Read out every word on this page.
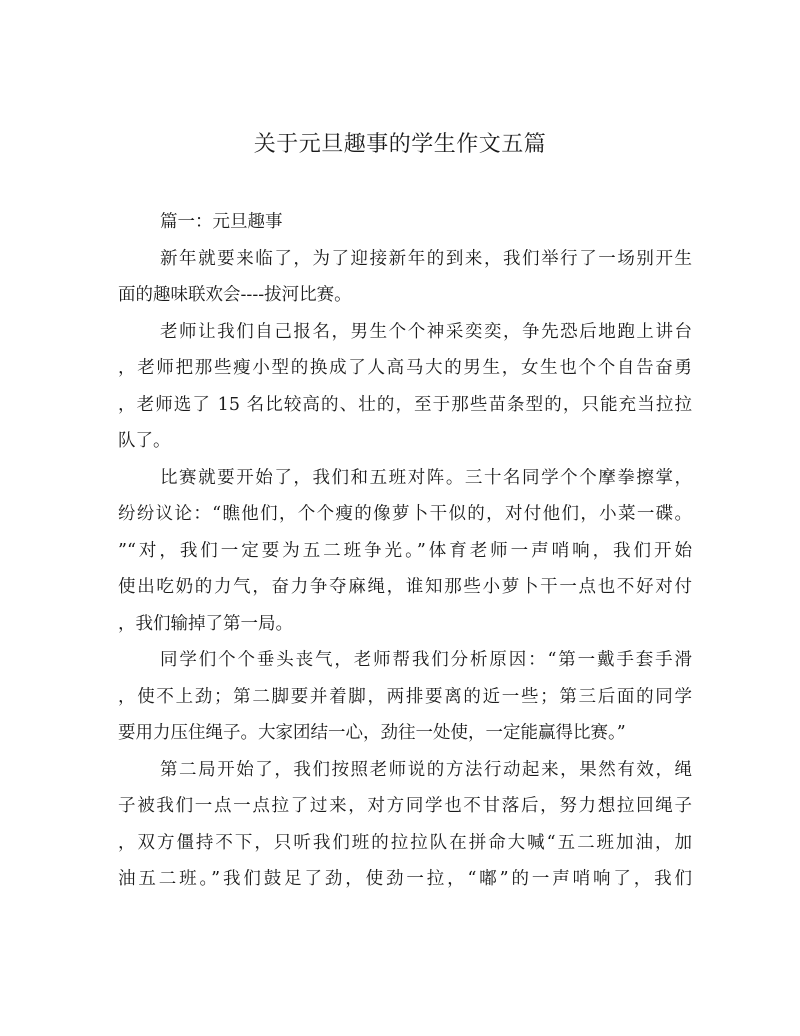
关于元旦趣事的学生作文五篇
篇一：元旦趣事
新年就要来临了，为了迎接新年的到来，我们举行了一场别开生
面的趣味联欢会----拔河比赛。
老师让我们自己报名，男生个个神采奕奕，争先恐后地跑上讲台
，老师把那些瘦小型的换成了人高马大的男生，女生也个个自告奋勇
，老师选了 15 名比较高的、壮的，至于那些苗条型的，只能充当拉拉
队了。
比赛就要开始了，我们和五班对阵。三十名同学个个摩拳擦掌，
纷纷议论：“瞧他们，个个瘦的像萝卜干似的，对付他们，小菜一碟。
”“对，我们一定要为五二班争光。”体育老师一声哨响，我们开始
使出吃奶的力气，奋力争夺麻绳，谁知那些小萝卜干一点也不好对付
，我们输掉了第一局。
同学们个个垂头丧气，老师帮我们分析原因：“第一戴手套手滑
，使不上劲；第二脚要并着脚，两排要离的近一些；第三后面的同学
要用力压住绳子。大家团结一心，劲往一处使，一定能赢得比赛。”
第二局开始了，我们按照老师说的方法行动起来，果然有效，绳
子被我们一点一点拉了过来，对方同学也不甘落后，努力想拉回绳子
，双方僵持不下，只听我们班的拉拉队在拼命大喊“五二班加油，加
油五二班。”我们鼓足了劲，使劲一拉，“嘟”的一声哨响了，我们
